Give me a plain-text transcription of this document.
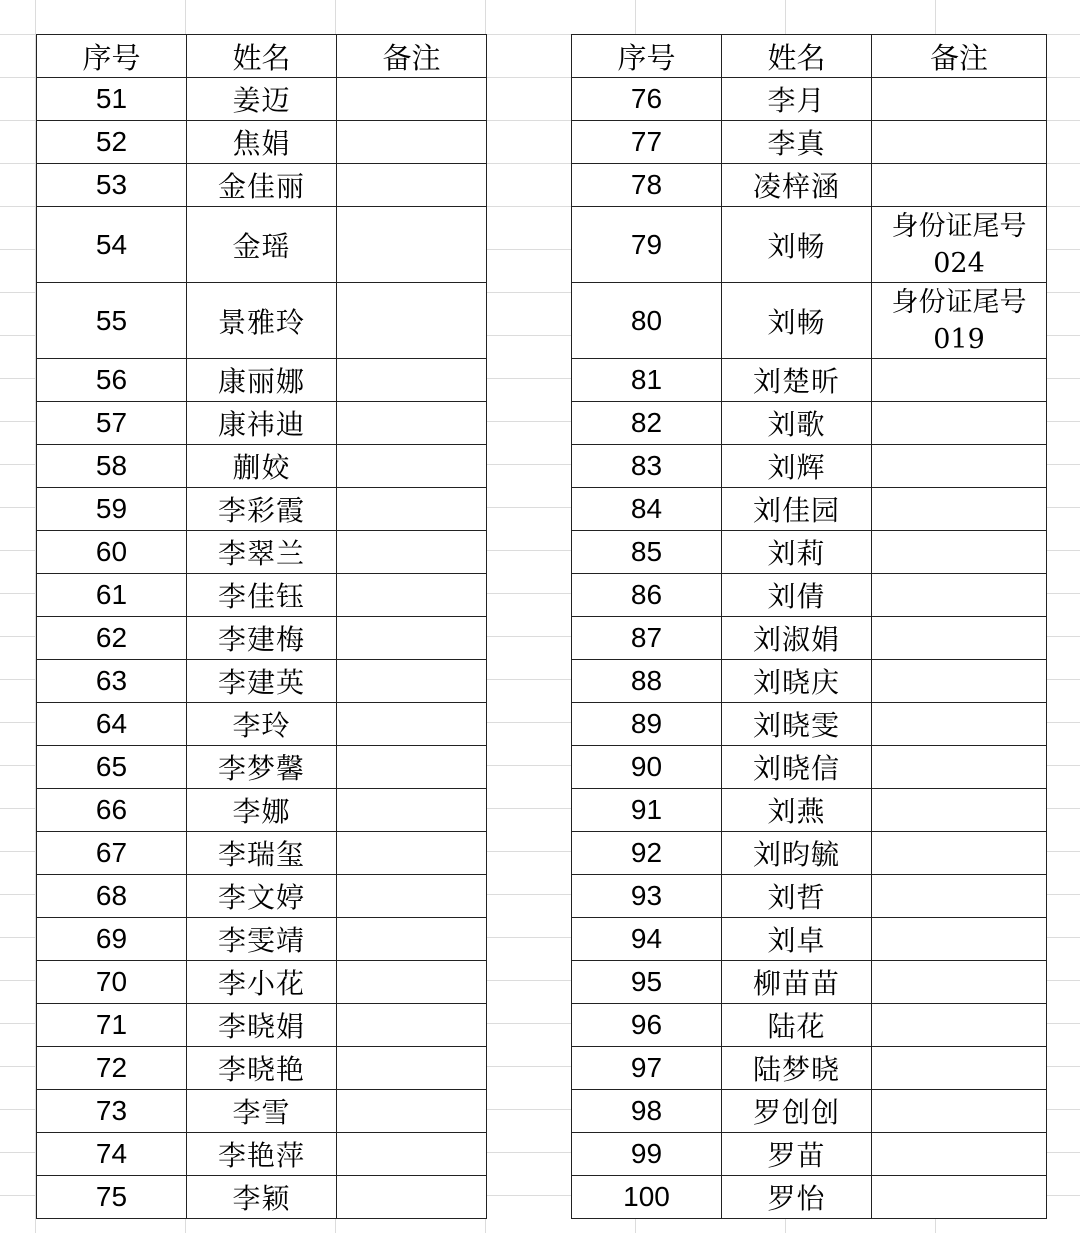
序号	姓名	备注
51	姜迈	
52	焦娟	
53	金佳丽	
54	金瑶	
55	景雅玲	
56	康丽娜	
57	康祎迪	
58	蒯姣	
59	李彩霞	
60	李翠兰	
61	李佳钰	
62	李建梅	
63	李建英	
64	李玲	
65	李梦馨	
66	李娜	
67	李瑞玺	
68	李文婷	
69	李雯靖	
70	李小花	
71	李晓娟	
72	李晓艳	
73	李雪	
74	李艳萍	
75	李颖	
序号	姓名	备注
76	李月	
77	李真	
78	凌梓涵	
79	刘畅	身份证尾号
024

80	刘畅	身份证尾号
019

81	刘楚昕	
82	刘歌	
83	刘辉	
84	刘佳园	
85	刘莉	
86	刘倩	
87	刘淑娟	
88	刘晓庆	
89	刘晓雯	
90	刘晓信	
91	刘燕	
92	刘昀毓	
93	刘哲	
94	刘卓	
95	柳苗苗	
96	陆花	
97	陆梦晓	
98	罗创创	
99	罗苗	
100	罗怡	
